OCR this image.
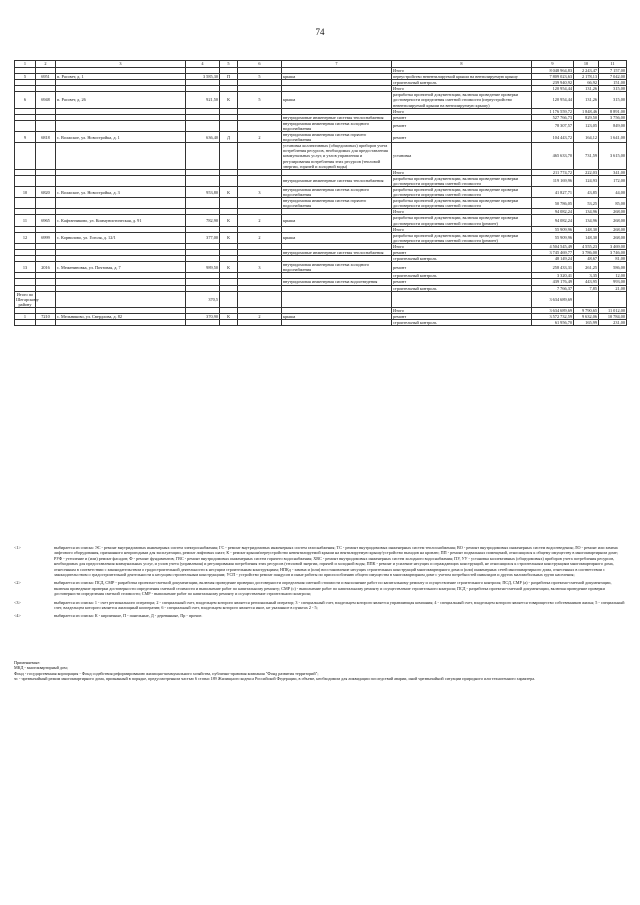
74
1	2	3	4	5	6	7	8	9	10	11
							Итого	8 048 964,83	2 243,47	7 157,00
5	6951	п. Рассвет, д. 1	3 585,30	П	5	крыша	переустройство невентилируемой крыши на вентилируемую крышу	7 809 023,63	2 178,13	7 042,00
							строительный контроль	239 940,92	66,92	151,00
							Итого	120 954,44	131,26	315,00
6	6948	п. Рассвет, д. 26	921,50	К	5	крыша	разработка проектной документации, включая проведение проверки достоверности определения сметной стоимости (переустройство невентилируемой крыши на вентилируемую крышу)	120 954,44	131,26	315,00
							Итого	1 176 559,72	1 848,46	8 891,00
						внутридомовые инженерные системы теплоснабжения	ремонт	527 766,73	829,50	3 756,00
						внутридомовая инженерная система холодного водоснабжения	ремонт	78 307,57	123,05	849,00
9	6818	с. Волжское, ул. Новостройка, д. 1	636,40	Д	2	внутридомовая инженерная система горячего водоснабжения	ремонт	104 443,72	164,12	1 641,00
						установка коллективных (общедомовых) приборов учета потребления ресурсов, необходимых для предоставления коммунальных услуг, и узлов управления и регулирования потребления этих ресурсов (тепловой энергии, горячей и холодной воды)	установка	465 633,70	731,59	3 615,00
							Итого	211 774,72	222,03	341,00
						внутридомовые инженерные системы теплоснабжения	разработка проектной документации, включая проведение проверки достоверности определения сметной стоимости	119 169,96	124,93	172,00
10	6820	с. Волжское, ул. Новостройка, д. 3	953,80	К	3	внутридомовая инженерная система холодного водоснабжения	разработка проектной документации, включая проведение проверки достоверности определения сметной стоимости	41 827,71	43,85	44,00
						внутридомовая инженерная система горячего водоснабжения	разработка проектной документации, включая проведение проверки достоверности определения сметной стоимости	50 786,05	53,25	85,00
							Итого	94 082,24	134,96	268,00
11	6965	с. Кафтанчиково, ул. Коммунистическая, д. 91	782,90	К	2	крыша	разработка проектной документации, включая проведение проверки достоверности определения сметной стоимости (ремонт)	94 082,24	134,96	268,00
							Итого	55 909,96	148,30	268,00
12	6999	с. Корнилово, ул. Гоголя, д. 12/1	377,00	К	2	крыша	разработка проектной документации, включая проведение проверки достоверности определения сметной стоимости (ремонт)	55 909,96	148,30	268,00
							Итого	4 504 545,49	4 555,23	3 469,00
						внутридомовые инженерные системы теплоснабжения	ремонт	3 745 469,77	3 786,00	3 746,00
							строительный контроль	48 149,24	48,67	81,00
13	2016	с. Межениновка, ул. Почтовая, д. 7	989,50	К	3	внутридомовая инженерная система холодного водоснабжения	ремонт	258 433,31	261,25	586,00
							строительный контроль	3 320,41	3,35	12,00
						внутридомовая инженерная система водоотведения	ремонт	439 176,49	443,95	993,00
							строительный контроль	7 766,37	7,85	21,00
Итого по Шегарскому району			370,5					3 634 689,69		
							Итого	3 634 689,69	9 790,65	11 012,00
1	7210	с. Мельниково, ул. Свердлова, д. 82	370,90	К	2	крыша	ремонт	3 572 732,59	9 632,06	10 784,00
							строительный контроль	61 956,70	165,99	231,00
<1>	выбирается из списка: ЭС - ремонт внутридомовых инженерных систем электроснабжения; ГС - ремонт внутридомовых инженерных систем газоснабжения; ТС - ремонт внутридомовых инженерных систем теплоснабжения; ВО - ремонт внутридомовых инженерных систем водоотведения; ЛО - ремонт или замена лифтового оборудования, признанного непригодным для эксплуатации, ремонт лифтовых шахт; К - ремонт крыши/переустройство невентилируемой крыши на вентилируемую крышу/устройство выходов на кровлю; ПП - ремонт подвальных помещений, относящихся к общему имуществу в многоквартирном доме; РУФ - утепление и (или) ремонт фасадов; Ф - ремонт фундаментов; ГВС - ремонт внутридомовых инженерных систем горячего водоснабжения; ХВС - ремонт внутридомовых инженерных систем холодного водоснабжения; ПУ, УУ - установка коллективных (общедомовых) приборов учета потребления ресурсов, необходимых для предоставления коммунальных услуг, и узлов учета (управления) и регулирования потребления этих ресурсов (тепловой энергии, горячей и холодной воды; ППК - ремонт и усиление несущих и ограждающих конструкций, не относящихся к строительным конструкциям многоквартирного дома, отнесенным в соответствии с законодательством о градостроительной деятельности к несущим строительным конструкциям; НПКд - замена и (или) восстановление несущих строительных конструкций многоквартирного дома и (или) инженерных сетей многоквартирного дома, отнесенных в соответствии с законодательством о градостроительной деятельности к несущим строительным конструкциям; УСП - устройство ремонт пандусов и иные работы по приспособлению общего имущества в многоквартирном доме с учетом потребностей инвалидов и других маломобильных групп населения;
<2>	выбирается из списка: ПСД, СМР - разработка проектно-сметной документации, включая проведение проверки достоверности определения сметной стоимости и выполнение работ по капитальному ремонту и осуществление строительного контроля; ПСД, СМР (а) - разработка проектно-сметной документации, включая проведение проверки достоверности определения сметной стоимости и выполнение работ по капитальному ремонту; СМР (с) - выполнение работ по капитальному ремонту и осуществление строительного контроля; ПСД - разработка проектно-сметной документации, включая проведение проверки достоверности определения сметной стоимости; СМР - выполнение работ по капитальному ремонту и осуществление строительного контроля;
<3>	выбирается из списка: 1 - счет регионального оператора; 2 - специальный счет, владельцем которого является региональный оператор; 3 - специальный счет, владельцем которого является управляющая компания; 4 - специальный счет, владельцем которого является товарищество собственников жилья; 5 - специальный счет, владельцем которого является жилищный кооператив; 6 - специальный счет, владельцем которого является иное, не указанное в пунктах 2 - 5;
<4>	выбирается из списка: К - кирпичные, П - панельные, Д - деревянные, Пр - прочие.
Применяемые:
МКД - многоквартирный дом;
Фонд - государственная корпорация - Фонд содействия реформированию жилищно-коммунального хозяйства, публично-правовая компания "Фонд развития территорий";
чс - чрезвычайный режим многоквартирного дома, признанный в порядке, предусмотренном частью 6 статьи 189 Жилищного кодекса Российской Федерации, в объеме, необходимом для ликвидации последствий аварии, иной чрезвычайной ситуации природного или техногенного характера.
